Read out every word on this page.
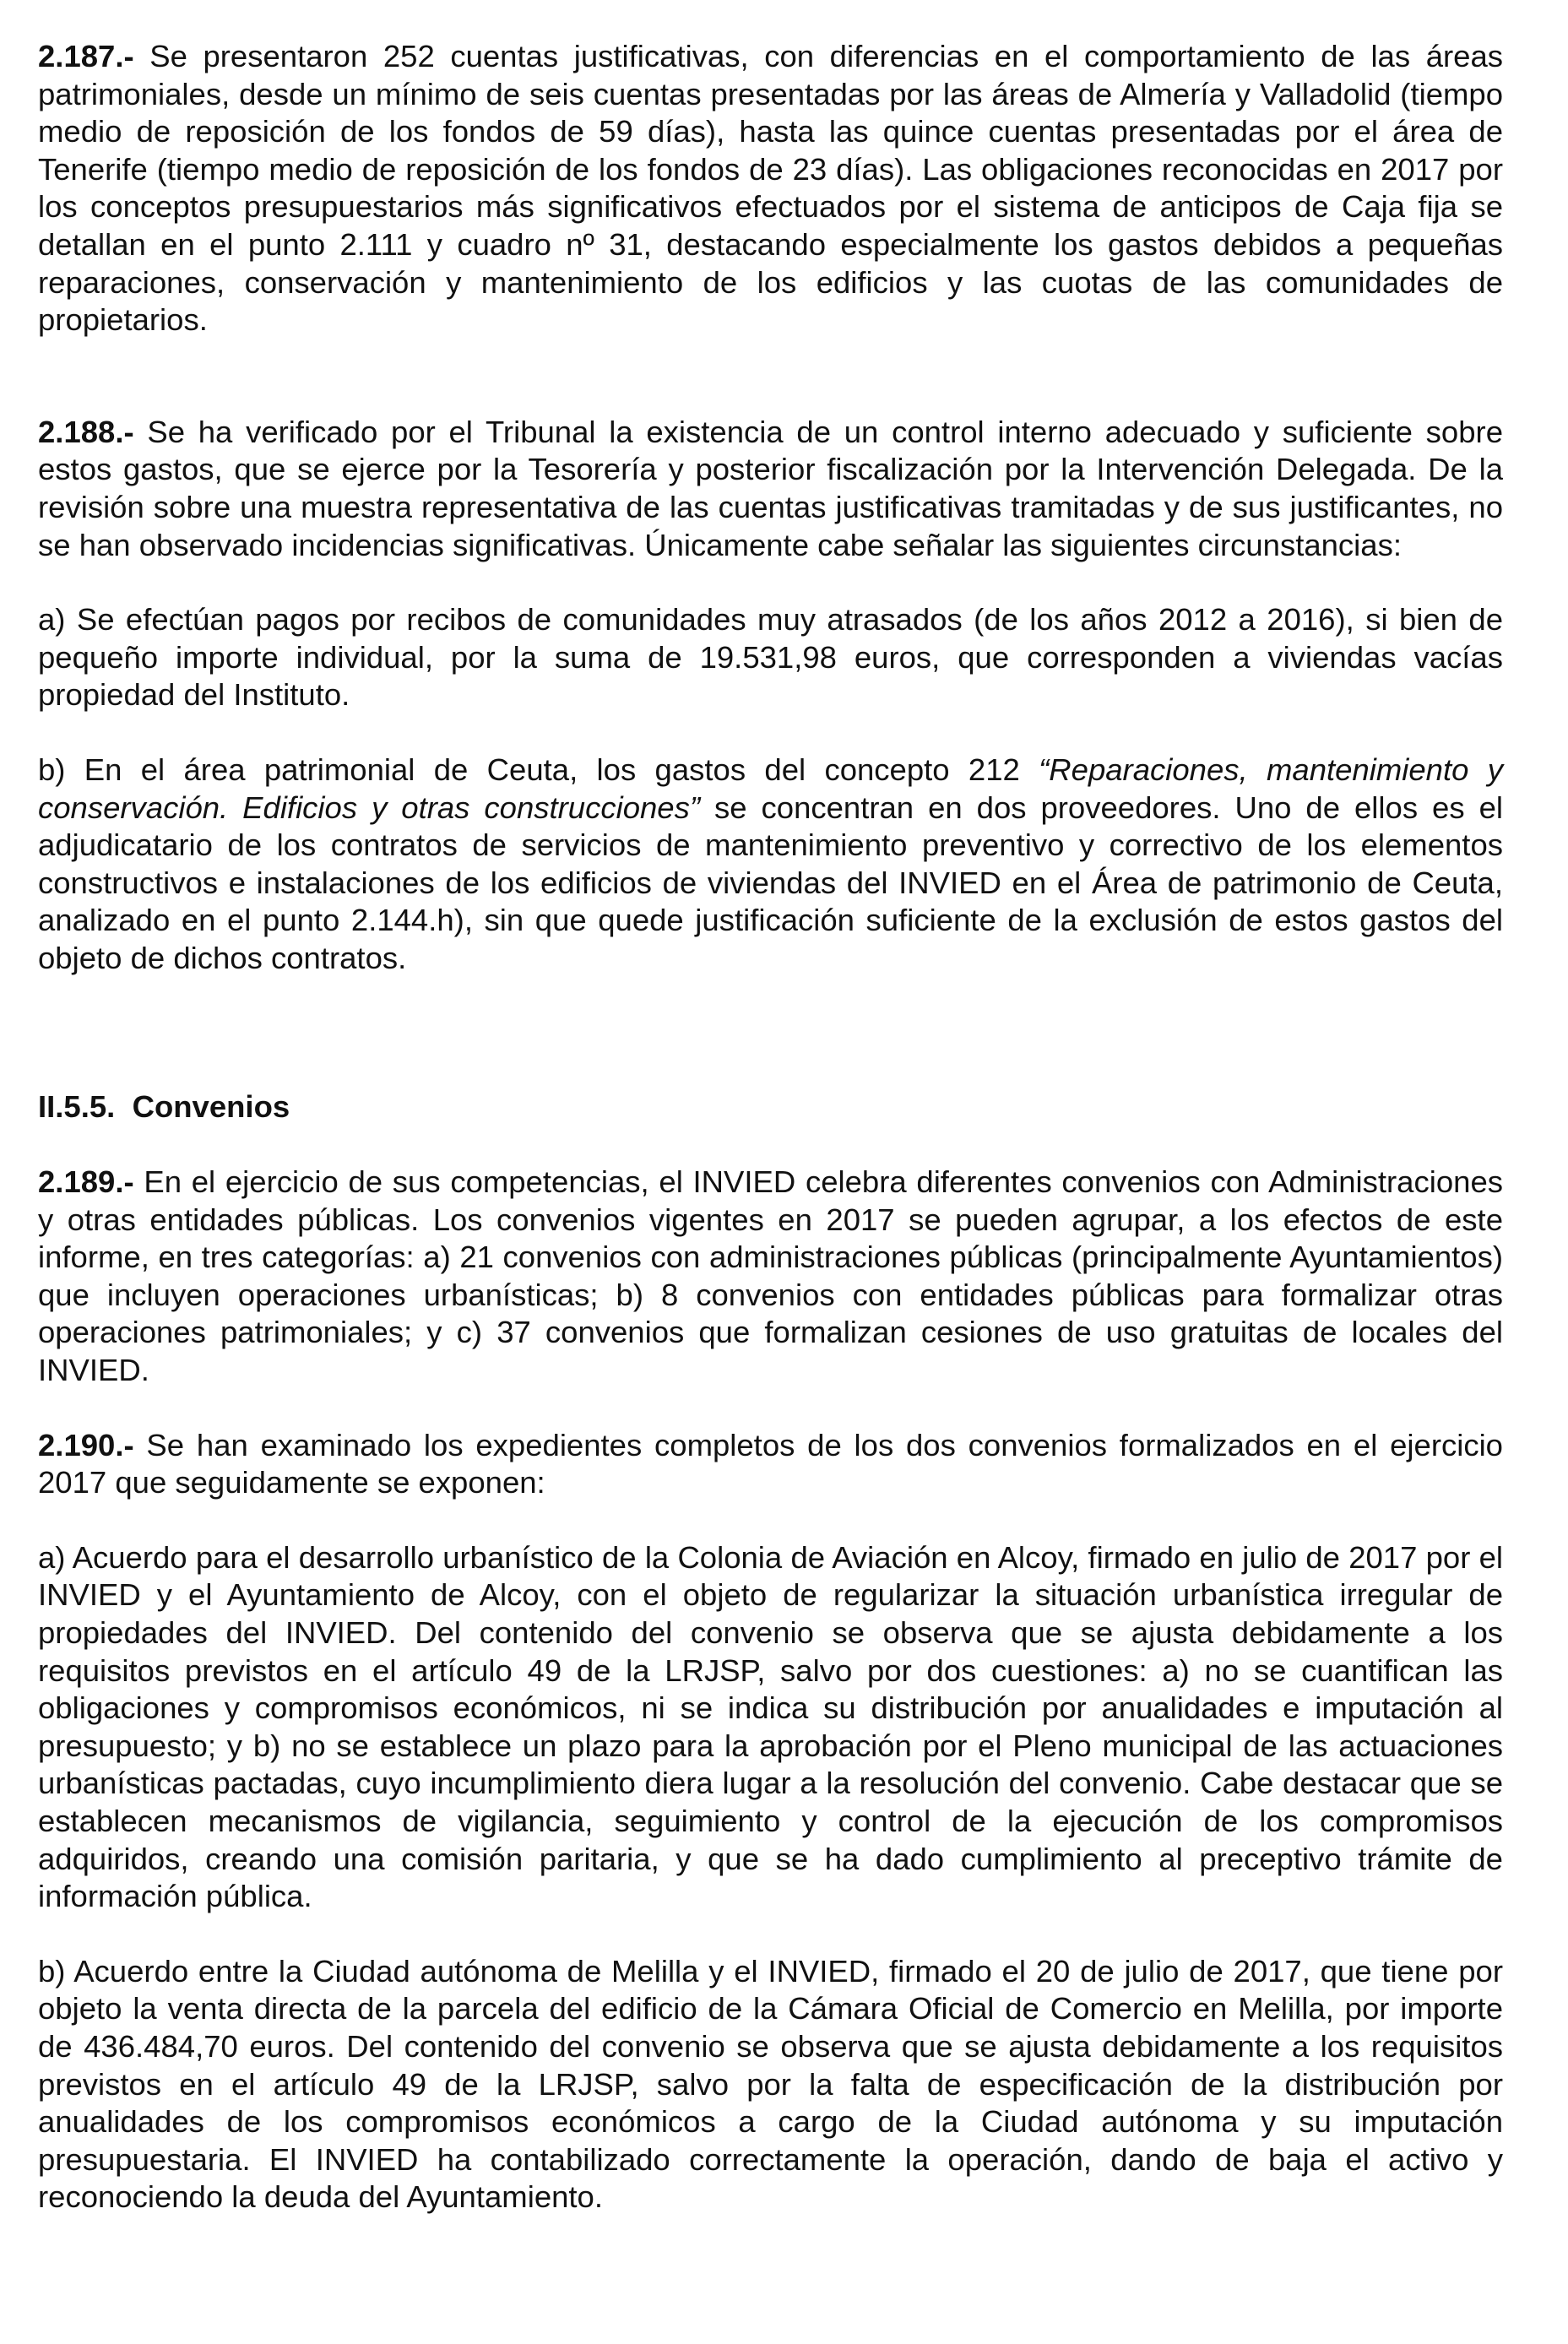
2.187.- Se presentaron 252 cuentas justificativas, con diferencias en el comportamiento de las áreas patrimoniales, desde un mínimo de seis cuentas presentadas por las áreas de Almería y Valladolid (tiempo medio de reposición de los fondos de 59 días), hasta las quince cuentas presentadas por el área de Tenerife (tiempo medio de reposición de los fondos de 23 días). Las obligaciones reconocidas en 2017 por los conceptos presupuestarios más significativos efectuados por el sistema de anticipos de Caja fija se detallan en el punto 2.111 y cuadro nº 31, destacando especialmente los gastos debidos a pequeñas reparaciones, conservación y mantenimiento de los edificios y las cuotas de las comunidades de propietarios.

2.188.- Se ha verificado por el Tribunal la existencia de un control interno adecuado y suficiente sobre estos gastos, que se ejerce por la Tesorería y posterior fiscalización por la Intervención Delegada. De la revisión sobre una muestra representativa de las cuentas justificativas tramitadas y de sus justificantes, no se han observado incidencias significativas. Únicamente cabe señalar las siguientes circunstancias:

a) Se efectúan pagos por recibos de comunidades muy atrasados (de los años 2012 a 2016), si bien de pequeño importe individual, por la suma de 19.531,98 euros, que corresponden a viviendas vacías propiedad del Instituto.

b) En el área patrimonial de Ceuta, los gastos del concepto 212 “Reparaciones, mantenimiento y conservación. Edificios y otras construcciones” se concentran en dos proveedores. Uno de ellos es el adjudicatario de los contratos de servicios de mantenimiento preventivo y correctivo de los elementos constructivos e instalaciones de los edificios de viviendas del INVIED en el Área de patrimonio de Ceuta, analizado en el punto 2.144.h), sin que quede justificación suficiente de la exclusión de estos gastos del objeto de dichos contratos.

II.5.5.  Convenios

2.189.- En el ejercicio de sus competencias, el INVIED celebra diferentes convenios con Administraciones y otras entidades públicas. Los convenios vigentes en 2017 se pueden agrupar, a los efectos de este informe, en tres categorías: a) 21 convenios con administraciones públicas (principalmente Ayuntamientos) que incluyen operaciones urbanísticas; b) 8 convenios con entidades públicas para formalizar otras operaciones patrimoniales; y c) 37 convenios que formalizan cesiones de uso gratuitas de locales del INVIED.

2.190.- Se han examinado los expedientes completos de los dos convenios formalizados en el ejercicio 2017 que seguidamente se exponen:

a) Acuerdo para el desarrollo urbanístico de la Colonia de Aviación en Alcoy, firmado en julio de 2017 por el INVIED y el Ayuntamiento de Alcoy, con el objeto de regularizar la situación urbanística irregular de propiedades del INVIED. Del contenido del convenio se observa que se ajusta debidamente a los requisitos previstos en el artículo 49 de la LRJSP, salvo por dos cuestiones: a) no se cuantifican las obligaciones y compromisos económicos, ni se indica su distribución por anualidades e imputación al presupuesto; y b) no se establece un plazo para la aprobación por el Pleno municipal de las actuaciones urbanísticas pactadas, cuyo incumplimiento diera lugar a la resolución del convenio. Cabe destacar que se establecen mecanismos de vigilancia, seguimiento y control de la ejecución de los compromisos adquiridos, creando una comisión paritaria, y que se ha dado cumplimiento al preceptivo trámite de información pública.

b) Acuerdo entre la Ciudad autónoma de Melilla y el INVIED, firmado el 20 de julio de 2017, que tiene por objeto la venta directa de la parcela del edificio de la Cámara Oficial de Comercio en Melilla, por importe de 436.484,70 euros. Del contenido del convenio se observa que se ajusta debidamente a los requisitos previstos en el artículo 49 de la LRJSP, salvo por la falta de especificación de la distribución por anualidades de los compromisos económicos a cargo de la Ciudad autónoma y su imputación presupuestaria. El INVIED ha contabilizado correctamente la operación, dando de baja el activo y reconociendo la deuda del Ayuntamiento.
